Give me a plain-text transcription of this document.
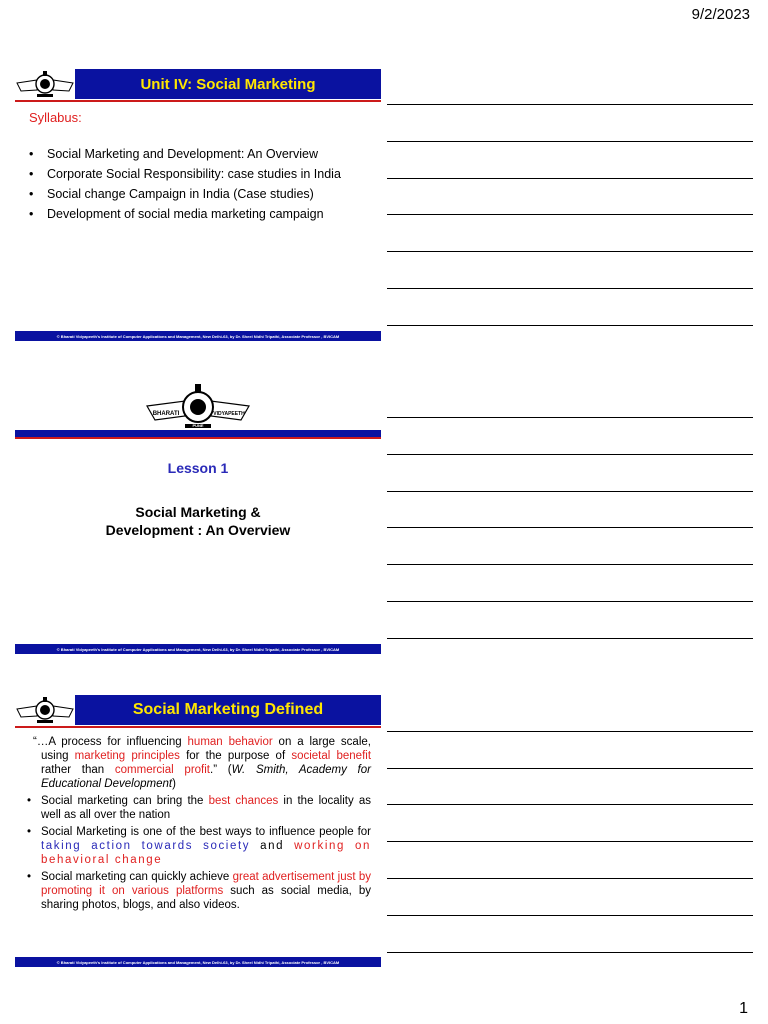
9/2/2023
Unit IV: Social Marketing
Syllabus:
• Social Marketing and Development: An Overview
• Corporate Social Responsibility: case studies in India
• Social change Campaign in India (Case studies)
• Development of social media marketing campaign
© Bharati Vidyapeeth's Institute of Computer Applications and Management, New Delhi-63, by Dr. Sheel Nidhi Tripathi, Associate Professor , BVICAM
BHARATI	VIDYAPEETH
PUNE
Lesson 1
Social Marketing &
Development : An Overview
© Bharati Vidyapeeth's Institute of Computer Applications and Management, New Delhi-63, by Dr. Sheel Nidhi Tripathi, Associate Professor , BVICAM
Social Marketing Defined

“…A process for influencing human behavior on a large scale, using marketing principles for the purpose of societal benefit rather than commercial profit.” (W. Smith, Academy for Educational Development)

• Social marketing can bring the best chances in the locality as well as all over the nation

• Social Marketing is one of the best ways to influence people for taking action towards society and working on behavioral change

• Social marketing can quickly achieve great advertisement just by promoting it on various platforms such as social media, by sharing photos, blogs, and also videos.

© Bharati Vidyapeeth's Institute of Computer Applications and Management, New Delhi-63, by Dr. Sheel Nidhi Tripathi, Associate Professor , BVICAM
1
